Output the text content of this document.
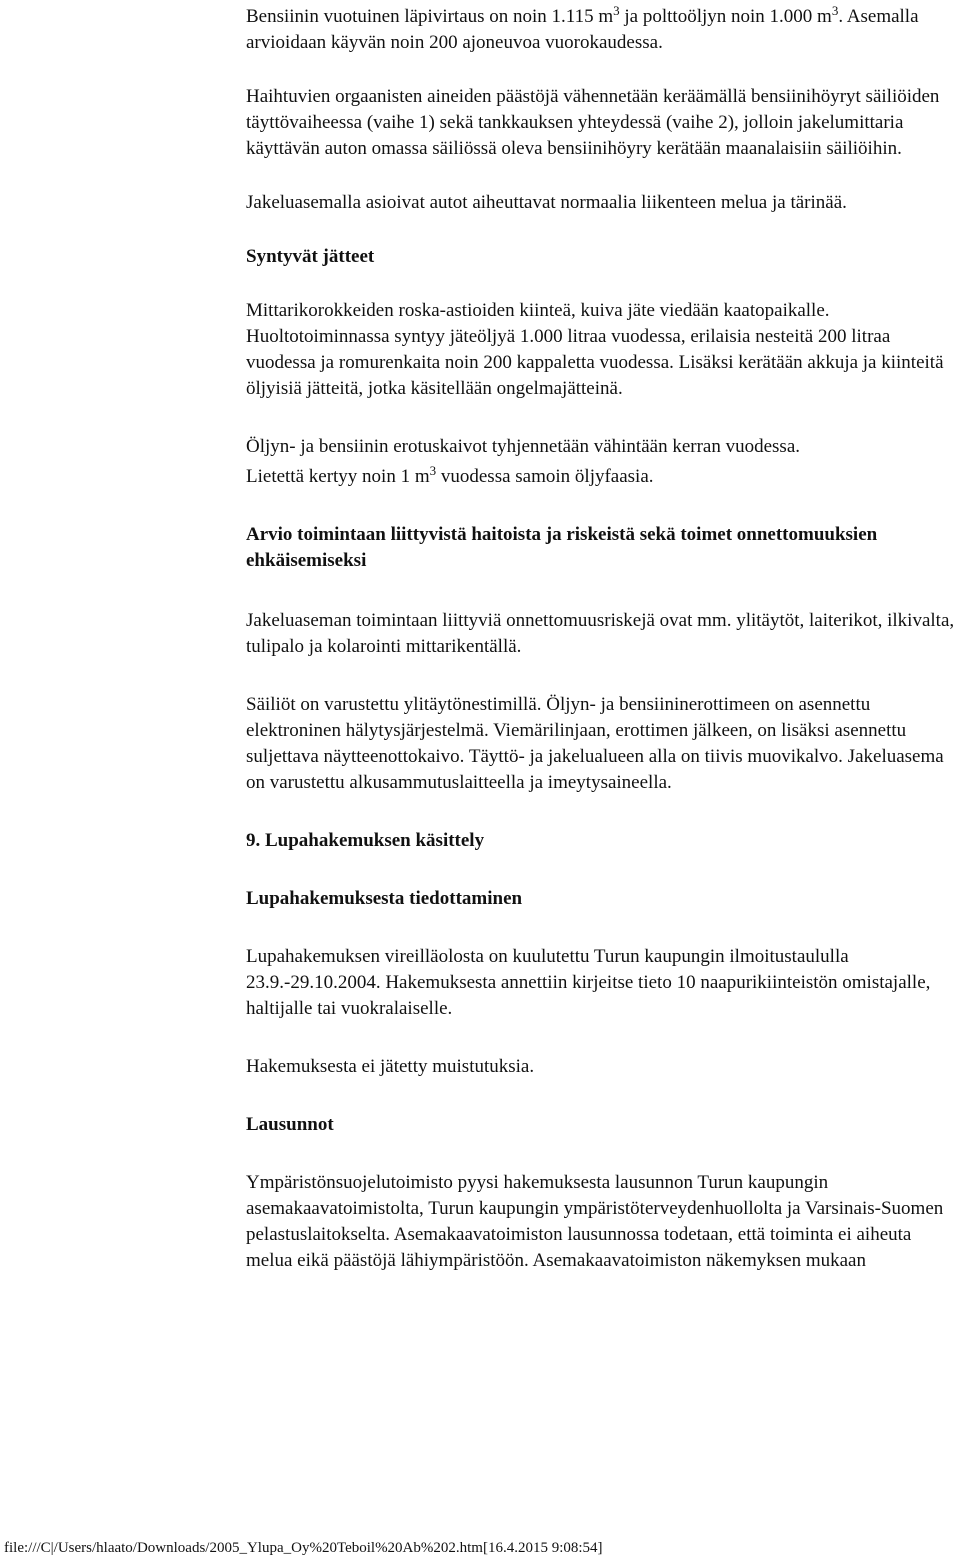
Bensiinin vuotuinen läpivirtaus on noin 1.115 $m^3$ ja polttoöljyn noin 1.000 $m^3$. Asemalla arvioidaan käyvän noin 200 ajoneuvoa vuorokaudessa.

Haihtuvien orgaanisten aineiden päästöjä vähennetään keräämällä bensiinihöyryt säiliöiden täyttövaiheessa (vaihe 1) sekä tankkauksen yhteydessä (vaihe 2), jolloin jakelumittaria käyttävän auton omassa säiliössä oleva bensiinihöyry kerätään maanalaisiin säiliöihin.

Jakeluasemalla asioivat autot aiheuttavat normaalia liikenteen melua ja tärinää.

Syntyvät jätteet

Mittarikorokkeiden roska-astioiden kiinteä, kuiva jäte viedään kaatopaikalle.

Huoltotoiminnassa syntyy jäteöljyä 1.000 litraa vuodessa, erilaisia nesteitä 200 litraa vuodessa ja romurenkaita noin 200 kappaletta vuodessa. Lisäksi kerätään akkuja ja kiinteitä öljyisiä jätteitä, jotka käsitellään ongelmajätteinä.

Öljyn- ja bensiinin erotuskaivot tyhjennetään vähintään kerran vuodessa.

Lietettä kertyy noin 1 $m^3$ vuodessa samoin öljyfaasia.

Arvio toimintaan liittyvistä haitoista ja riskeistä sekä toimet onnettomuuksien ehkäisemiseksi

Jakeluaseman toimintaan liittyviä onnettomuusriskejä ovat mm. ylitäytöt, laiterikot, ilkivalta, tulipalo ja kolarointi mittarikentällä.

Säiliöt on varustettu ylitäytönestimillä. Öljyn- ja bensiininerottimeen on asennettu elektroninen hälytysjärjestelmä. Viemärilinjaan, erottimen jälkeen, on lisäksi asennettu suljettava näytteenottokaivo. Täyttö- ja jakelualueen alla on tiivis muovikalvo. Jakeluasema on varustettu alkusammutuslaitteella ja imeytysaineella.

9. Lupahakemuksen käsittely
Lupahakemuksesta tiedottaminen

Lupahakemuksen vireilläolosta on kuulutettu Turun kaupungin ilmoitustaululla 23.9.-29.10.2004. Hakemuksesta annettiin kirjeitse tieto 10 naapurikiinteistön omistajalle, haltijalle tai vuokralaiselle.

Hakemuksesta ei jätetty muistutuksia.

Lausunnot

Ympäristönsuojelutoimisto pyysi hakemuksesta lausunnon Turun kaupungin asemakaavatoimistolta, Turun kaupungin ympäristöterveydenhuollolta ja Varsinais-Suomen pelastuslaitokselta. Asemakaavatoimiston lausunnossa todetaan, että toiminta ei aiheuta melua eikä päästöjä lähiympäristöön. Asemakaavatoimiston näkemyksen mukaan

file:///C|/Users/hlaato/Downloads/2005_Ylupa_Oy%20Teboil%20Ab%202.htm[16.4.2015 9:08:54]
